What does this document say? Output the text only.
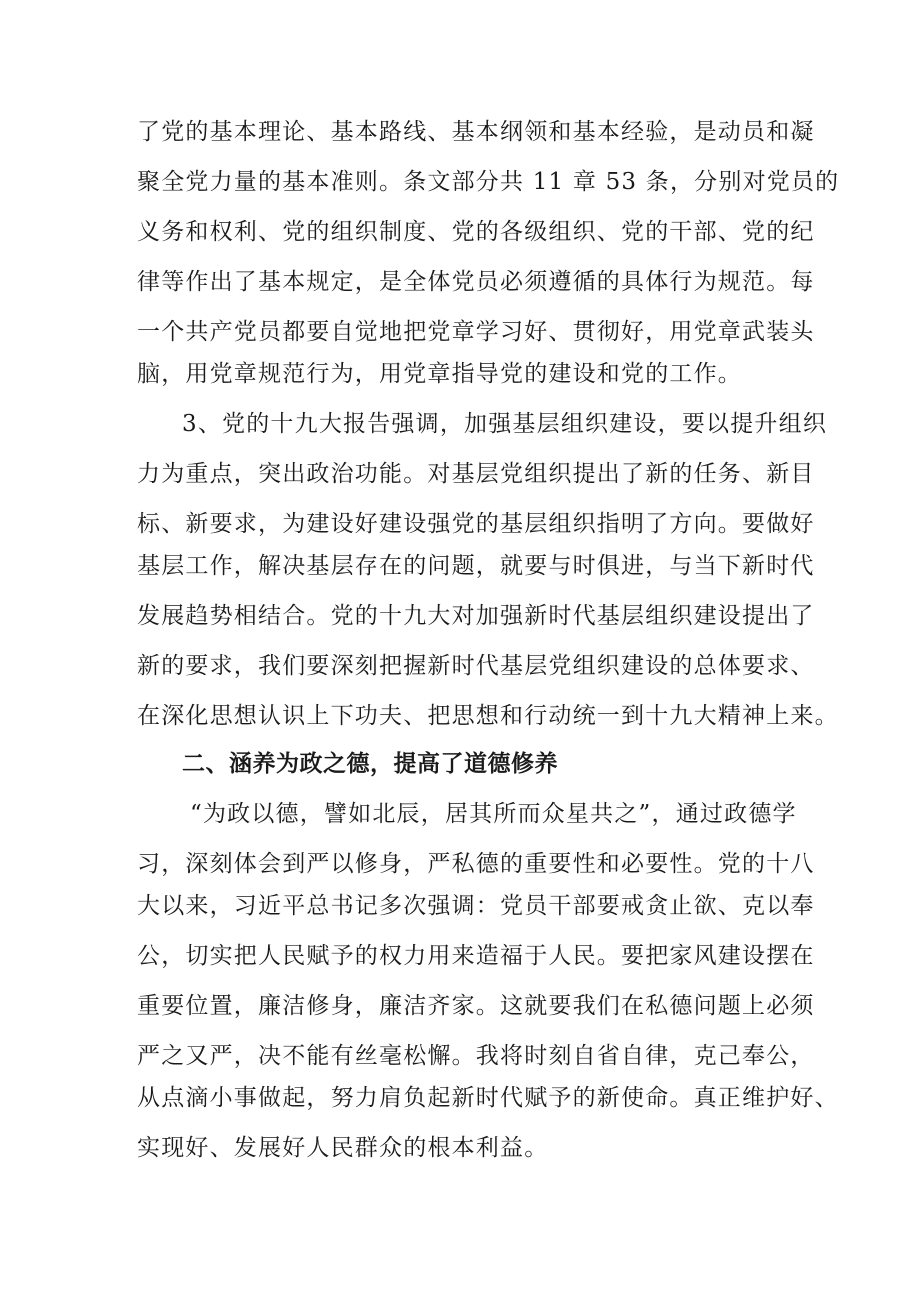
了党的基本理论、基本路线、基本纲领和基本经验，是动员和凝
聚全党力量的基本准则。条文部分共 11 章 53 条，分别对党员的
义务和权利、党的组织制度、党的各级组织、党的干部、党的纪
律等作出了基本规定，是全体党员必须遵循的具体行为规范。每
一个共产党员都要自觉地把党章学习好、贯彻好，用党章武装头
脑，用党章规范行为，用党章指导党的建设和党的工作。
3、党的十九大报告强调，加强基层组织建设，要以提升组织
力为重点，突出政治功能。对基层党组织提出了新的任务、新目
标、新要求，为建设好建设强党的基层组织指明了方向。要做好
基层工作，解决基层存在的问题，就要与时俱进，与当下新时代
发展趋势相结合。党的十九大对加强新时代基层组织建设提出了
新的要求，我们要深刻把握新时代基层党组织建设的总体要求、
在深化思想认识上下功夫、把思想和行动统一到十九大精神上来。
二、涵养为政之德，提高了道德修养
“为政以德，譬如北辰，居其所而众星共之”，通过政德学
习，深刻体会到严以修身，严私德的重要性和必要性。党的十八
大以来，习近平总书记多次强调：党员干部要戒贪止欲、克以奉
公，切实把人民赋予的权力用来造福于人民。要把家风建设摆在
重要位置，廉洁修身，廉洁齐家。这就要我们在私德问题上必须
严之又严，决不能有丝毫松懈。我将时刻自省自律，克己奉公，
从点滴小事做起，努力肩负起新时代赋予的新使命。真正维护好、
实现好、发展好人民群众的根本利益。
